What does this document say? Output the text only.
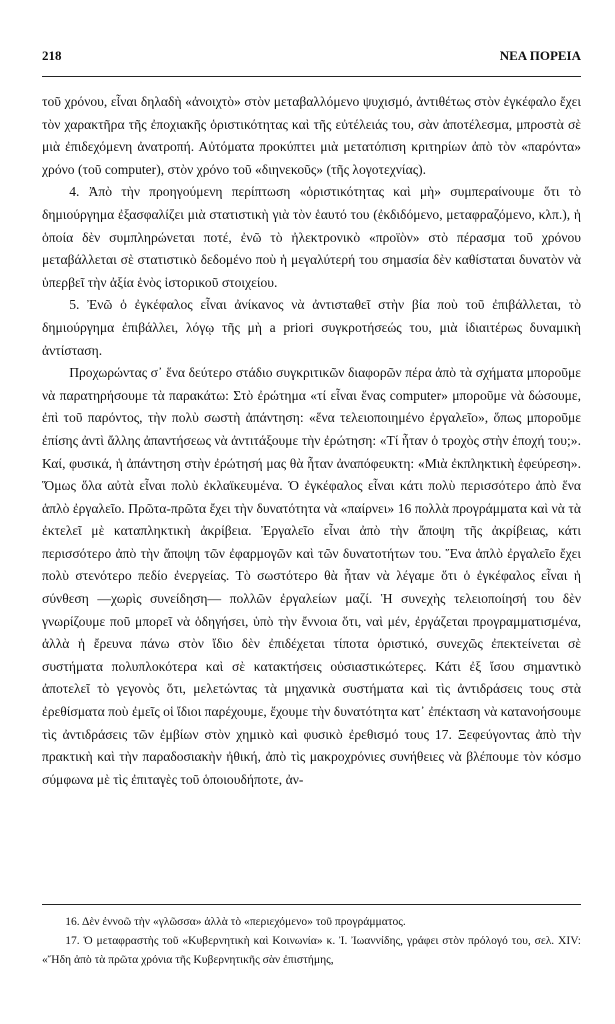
218	ΝΕΑ ΠΟΡΕΙΑ

τοῦ χρόνου, εἶναι δηλαδὴ «ἀνοιχτὸ» στὸν μεταβαλλόμενο ψυχισμό, ἀντιθέτως στὸν ἐγκέφαλο ἔχει τὸν χαρακτῆρα τῆς ἐποχιακῆς ὁριστικότητας καὶ τῆς εὐτέλειάς του, σὰν ἀποτέλεσμα, μπροστὰ σὲ μιὰ ἐπιδεχόμενη ἀνατροπή. Αὐτόματα προκύπτει μιὰ μετατόπιση κριτηρίων ἀπὸ τὸν «παρόντα» χρόνο (τοῦ computer), στὸν χρόνο τοῦ «διηνεκοῦς» (τῆς λογοτεχνίας).

4. Ἀπὸ τὴν προηγούμενη περίπτωση «ὁριστικότητας καὶ μὴ» συμπεραίνουμε ὅτι τὸ δημιούργημα ἐξασφαλίζει μιὰ στατιστικὴ γιὰ τὸν ἑαυτό του (ἐκδιδόμενο, μεταφραζόμενο, κλπ.), ἡ ὁποία δὲν συμπληρώνεται ποτέ, ἐνῶ τὸ ἠλεκτρονικὸ «προϊὸν» στὸ πέρασμα τοῦ χρόνου μεταβάλλεται σὲ στατιστικὸ δεδομένο ποὺ ἡ μεγαλύτερή του σημασία δὲν καθίσταται δυνατὸν νὰ ὑπερβεῖ τὴν ἀξία ἑνὸς ἱστορικοῦ στοιχείου.

5. Ἐνῶ ὁ ἐγκέφαλος εἶναι ἀνίκανος νὰ ἀντισταθεῖ στὴν βία ποὺ τοῦ ἐπιβάλλεται, τὸ δημιούργημα ἐπιβάλλει, λόγῳ τῆς μὴ a priori συγκροτήσεώς του, μιὰ ἰδιαιτέρως δυναμικὴ ἀντίσταση.

Προχωρώντας σ᾽ ἕνα δεύτερο στάδιο συγκριτικῶν διαφορῶν πέρα ἀπὸ τὰ σχήματα μποροῦμε νὰ παρατηρήσουμε τὰ παρακάτω: Στὸ ἐρώτημα «τί εἶναι ἕνας computer» μποροῦμε νὰ δώσουμε, ἐπὶ τοῦ παρόντος, τὴν πολὺ σωστὴ ἀπάντηση: «ἕνα τελειοποιημένο ἐργαλεῖο», ὅπως μποροῦμε ἐπίσης ἀντὶ ἄλλης ἀπαντήσεως νὰ ἀντιτάξουμε τὴν ἐρώτηση: «Τί ἦταν ὁ τροχὸς στὴν ἐποχή του;». Καί, φυσικά, ἡ ἀπάντηση στὴν ἐρώτησή μας θὰ ἦταν ἀναπόφευκτη: «Μιὰ ἐκπληκτικὴ ἐφεύρεση». Ὅμως ὅλα αὐτὰ εἶναι πολὺ ἐκλαϊκευμένα. Ὁ ἐγκέφαλος εἶναι κάτι πολὺ περισσότερο ἀπὸ ἕνα ἁπλὸ ἐργαλεῖο. Πρῶτα-πρῶτα ἔχει τὴν δυνατότητα νὰ «παίρνει» 16 πολλὰ προγράμματα καὶ νὰ τὰ ἐκτελεῖ μὲ καταπληκτικὴ ἀκρίβεια. Ἐργαλεῖο εἶναι ἀπὸ τὴν ἄποψη τῆς ἀκρίβειας, κάτι περισσότερο ἀπὸ τὴν ἄποψη τῶν ἐφαρμογῶν καὶ τῶν δυνατοτήτων του. Ἕνα ἁπλὸ ἐργαλεῖο ἔχει πολὺ στενότερο πεδίο ἐνεργείας. Τὸ σωστότερο θὰ ἦταν νὰ λέγαμε ὅτι ὁ ἐγκέφαλος εἶναι ἡ σύνθεση —χωρὶς συνείδηση— πολλῶν ἐργαλείων μαζί. Ἡ συνεχὴς τελειοποίησή του δὲν γνωρίζουμε ποῦ μπορεῖ νὰ ὁδηγήσει, ὑπὸ τὴν ἔννοια ὅτι, ναὶ μέν, ἐργάζεται προγραμματισμένα, ἀλλὰ ἡ ἔρευνα πάνω στὸν ἴδιο δὲν ἐπιδέχεται τίποτα ὁριστικό, συνεχῶς ἐπεκτείνεται σὲ συστήματα πολυπλοκότερα καὶ σὲ κατακτήσεις οὐσιαστικώτερες. Κάτι ἐξ ἴσου σημαντικὸ ἀποτελεῖ τὸ γεγονὸς ὅτι, μελετώντας τὰ μηχανικὰ συστήματα καὶ τὶς ἀντιδράσεις τους στὰ ἐρεθίσματα ποὺ ἐμεῖς οἱ ἴδιοι παρέχουμε, ἔχουμε τὴν δυνατότητα κατ᾽ ἐπέκταση νὰ κατανοήσουμε τὶς ἀντιδράσεις τῶν ἐμβίων στὸν χημικὸ καὶ φυσικὸ ἐρεθισμό τους 17. Ξεφεύγοντας ἀπὸ τὴν πρακτικὴ καὶ τὴν παραδοσιακὴν ἠθική, ἀπὸ τὶς μακροχρόνιες συνήθειες νὰ βλέπουμε τὸν κόσμο σύμφωνα μὲ τὶς ἐπιταγὲς τοῦ ὁποιουδήποτε, ἀν-

16. Δὲν ἐννοῶ τὴν «γλῶσσα» ἀλλὰ τὸ «περιεχόμενο» τοῦ προγράμματος.

17. Ὁ μεταφραστὴς τοῦ «Κυβερνητικὴ καὶ Κοινωνία» κ. Ἰ. Ἰωαννίδης, γράφει στὸν πρόλογό του, σελ. XIV: «Ἤδη ἀπὸ τὰ πρῶτα χρόνια τῆς Κυβερνητικῆς σὰν ἐπιστήμης,
